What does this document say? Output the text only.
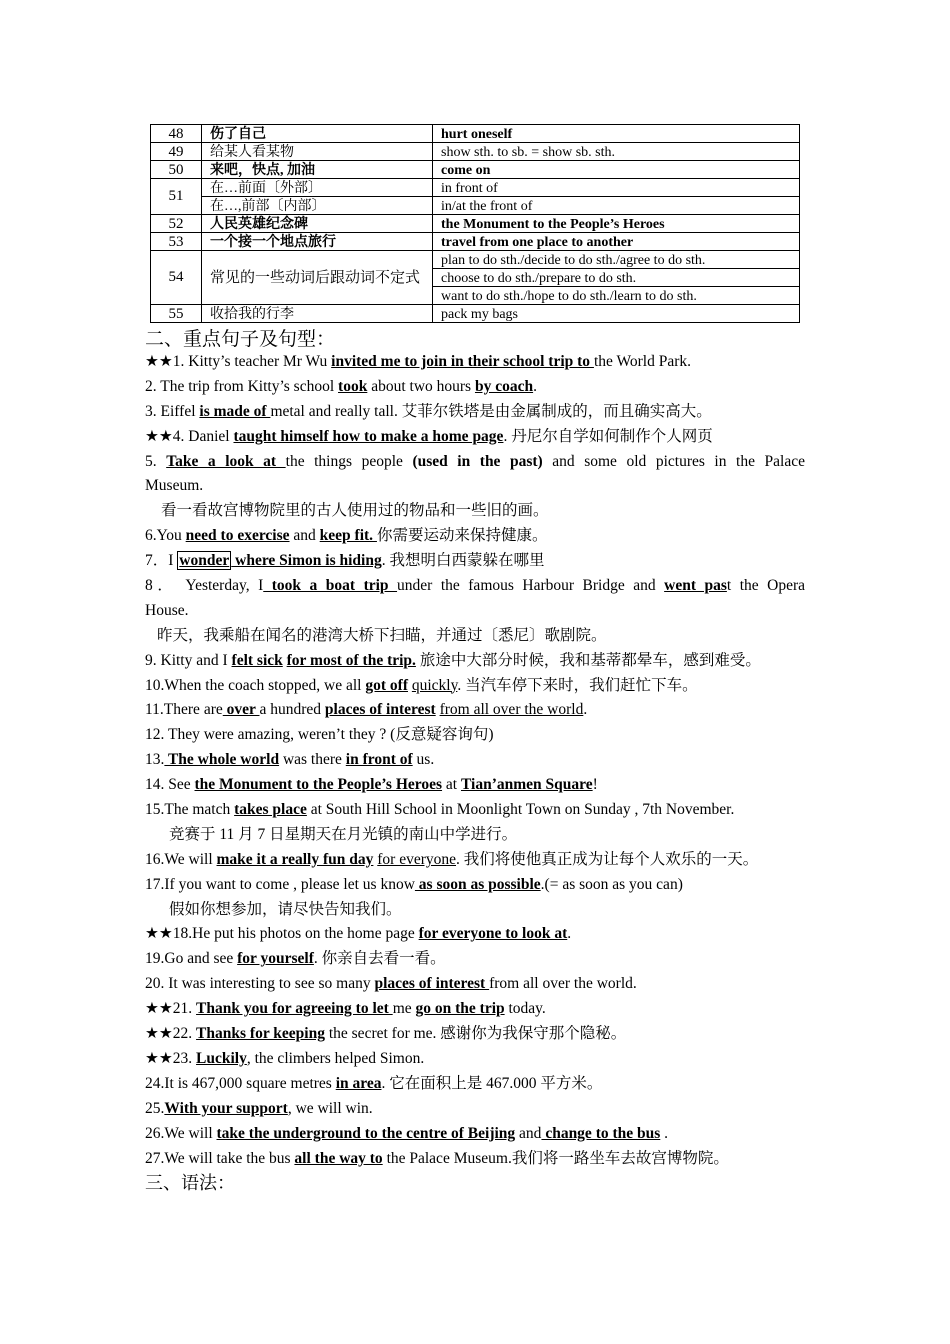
48	伤了自己	hurt oneself
49	给某人看某物	show sth. to sb. = show sb. sth.
50	来吧，快点, 加油	come on
51	在…前面〔外部〕	in front of
	在…,前部〔内部〕	in/at the front of
52	人民英雄纪念碑	the Monument to the People’s Heroes
53	一个接一个地点旅行	travel from one place to another
54	常见的一些动词后跟动词不定式	plan to do sth./decide to do sth./agree to do sth.
		choose to do sth./prepare to do sth.
		want to do sth./hope to do sth./learn to do sth.
55	收拾我的行李	pack my bags
二、重点句子及句型：
★★1. Kitty’s teacher Mr Wu invited me to join in their school trip to the World Park.
2. The trip from Kitty’s school took about two hours by coach.
3. Eiffel is made of metal and really tall. 艾菲尔铁塔是由金属制成的，而且确实高大。
★★4. Daniel taught himself how to make a home page. 丹尼尔自学如何制作个人网页
5. Take a look at the things people (used in the past) and some old pictures in the Palace
Museum.
看一看故宫博物院里的古人使用过的物品和一些旧的画。
6.You need to exercise and keep fit. 你需要运动来保持健康。
7．I wonder where Simon is hiding. 我想明白西蒙躲在哪里
8． Yesterday, I took a boat trip under the famous Harbour Bridge and went past the Opera
House.
昨天，我乘船在闻名的港湾大桥下扫瞄，并通过〔悉尼〕歌剧院。
9. Kitty and I felt sick for most of the trip. 旅途中大部分时候，我和基蒂都晕车，感到难受。
10.When the coach stopped, we all got off quickly. 当汽车停下来时，我们赶忙下车。
11.There are over a hundred places of interest from all over the world.
12. They were amazing, weren’t they ? (反意疑容询句)
13. The whole world was there in front of us.
14. See the Monument to the People’s Heroes at Tian’anmen Square!
15.The match takes place at South Hill School in Moonlight Town on Sunday , 7th November.
竞赛于 11 月 7 日星期天在月光镇的南山中学进行。
16.We will make it a really fun day for everyone. 我们将使他真正成为让每个人欢乐的一天。
17.If you want to come , please let us know as soon as possible.(= as soon as you can)
假如你想参加，请尽快告知我们。
★★18.He put his photos on the home page for everyone to look at.
19.Go and see for yourself. 你亲自去看一看。
20. It was interesting to see so many places of interest from all over the world.
★★21. Thank you for agreeing to let me go on the trip today.
★★22. Thanks for keeping the secret for me. 感谢你为我保守那个隐秘。
★★23. Luckily, the climbers helped Simon.
24.It is 467,000 square metres in area. 它在面积上是 467.000 平方米。
25.With your support, we will win.
26.We will take the underground to the centre of Beijing and change to the bus .
27.We will take the bus all the way to the Palace Museum.我们将一路坐车去故宫博物院。
三、语法：
